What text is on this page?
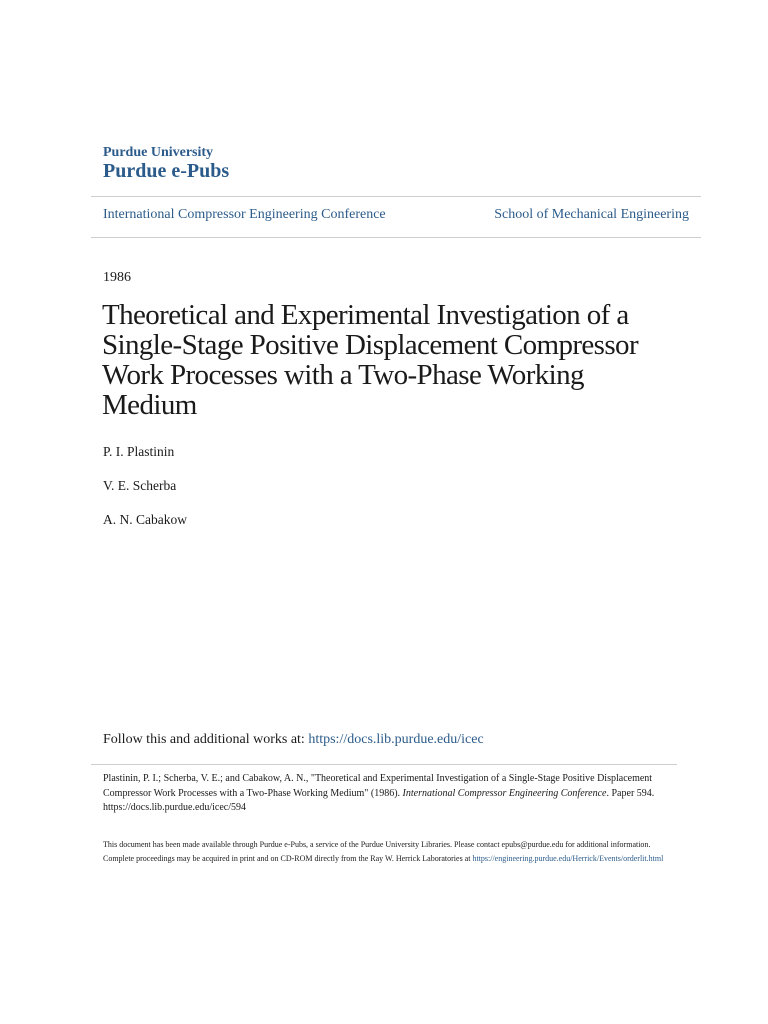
Purdue University
Purdue e-Pubs
International Compressor Engineering Conference	School of Mechanical Engineering
1986
Theoretical and Experimental Investigation of a Single-Stage Positive Displacement Compressor Work Processes with a Two-Phase Working Medium
P. I. Plastinin
V. E. Scherba
A. N. Cabakow
Follow this and additional works at: https://docs.lib.purdue.edu/icec
Plastinin, P. I.; Scherba, V. E.; and Cabakow, A. N., "Theoretical and Experimental Investigation of a Single-Stage Positive Displacement Compressor Work Processes with a Two-Phase Working Medium" (1986). International Compressor Engineering Conference. Paper 594.
https://docs.lib.purdue.edu/icec/594
This document has been made available through Purdue e-Pubs, a service of the Purdue University Libraries. Please contact epubs@purdue.edu for additional information.
Complete proceedings may be acquired in print and on CD-ROM directly from the Ray W. Herrick Laboratories at https://engineering.purdue.edu/Herrick/Events/orderlit.html
